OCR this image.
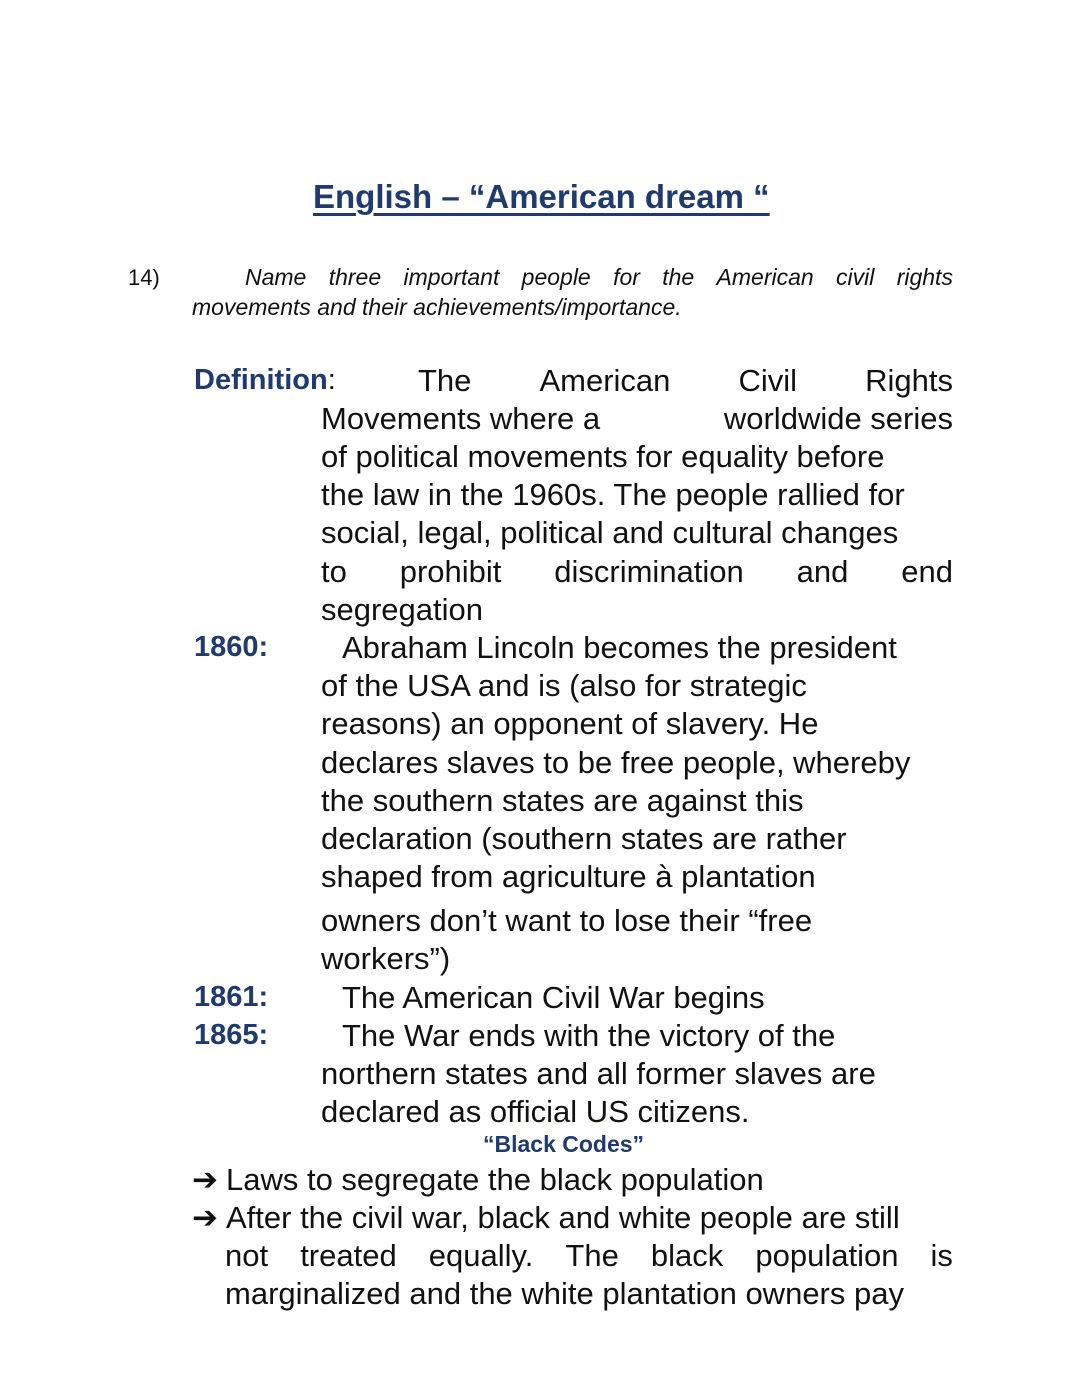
English – “American dream “
14)	Name three important people for the American civil rights
movements and their achievements/importance.
Definition:	The American Civil Rights
Movements where a	worldwide series
of political movements for equality before
the law in the 1960s. The people rallied for
social, legal, political and cultural changes
to prohibit discrimination and end
segregation
1860: Abraham Lincoln becomes the president
of the USA and is (also for strategic
reasons) an opponent of slavery. He
declares slaves to be free people, whereby
the southern states are against this
declaration (southern states are rather
shaped from agriculture à plantation
owners don’t want to lose their “free
workers”)
1861: The American Civil War begins
1865: The War ends with the victory of the
northern states and all former slaves are
declared as official US citizens.
“Black Codes”
➔ Laws to segregate the black population
➔ After the civil war, black and white people are still
not treated equally. The black population is
marginalized and the white plantation owners pay
